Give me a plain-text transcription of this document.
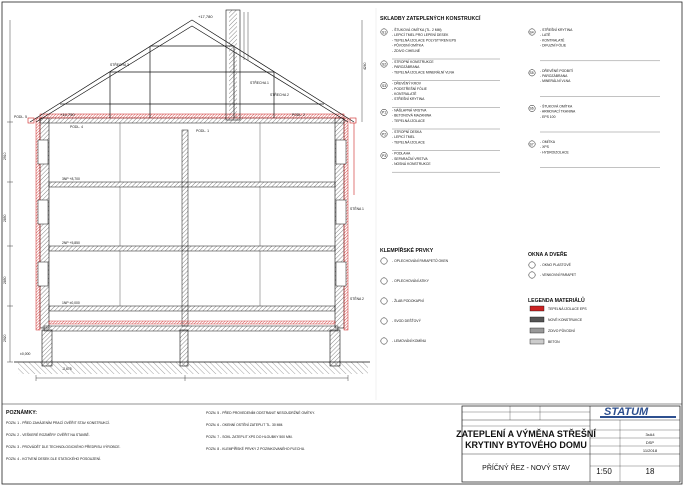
+17,780
+14,750
PODL. 5
PODL. 4
3NP +8,700
2NP +5,850
1NP ±0,000
±0,000
-2,675
STŘECHA 1
STŘECHA 2
STŘECHA 3
PODL. 1
PODL. 2
STĚNA 1
STĚNA 2
2910
2850
2850
2920
4260
SKLADBY ZATEPLENÝCH KONSTRUKCÍ
S1
- ŠTUKOVÁ OMÍTKA (TL. 2 MM)
- LEPICÍ TMEL PRO LEPENÍ DESEK
- TEPELNÁ IZOLACE POLYSTYREN EPS
- PŮVODNÍ OMÍTKA
- ZDIVO CIHELNÉ
S2
- STROPNÍ KONSTRUKCE
- PAROZÁBRANA
- TEPELNÁ IZOLACE MINERÁLNÍ VLNA
S3
- DŘEVĚNÝ KROV
- PODSTŘEŠNÍ FÓLIE
- KONTRALATĚ
- STŘEŠNÍ KRYTINA
P1
- NÁŠLAPNÁ VRSTVA
- BETONOVÁ MAZANINA
- TEPELNÁ IZOLACE
P2
- STROPNÍ DESKA
- LEPICÍ TMEL
- TEPELNÁ IZOLACE
P3
- PODLAHA
- SEPARAČNÍ VRSTVA
- NOSNÁ KONSTRUKCE
S4
- STŘEŠNÍ KRYTINA
- LATĚ
- KONTRALATĚ
- DIFUZNÍ FÓLIE
S5
- DŘEVĚNÉ PODBITÍ
- PAROZÁBRANA
- MINERÁLNÍ VLNA
S6
- ŠTUKOVÁ OMÍTKA
- ARMOVACÍ TKANINA
- EPS 100
S7
- OMÍTKA
- XPS
- HYDROIZOLACE
KLEMPÍŘSKÉ PRVKY
- OPLECHOVÁNÍ PARAPETŮ OKEN
- OPLECHOVÁNÍ ATIKY
- ŽLAB PODOKAPNÍ
- SVOD DEŠŤOVÝ
- LEMOVÁNÍ KOMÍNU
OKNA A DVEŘE
- OKNO PLASTOVÉ
- VENKOVNÍ PARAPET
LEGENDA MATERIÁLŮ
TEPELNÁ IZOLACE EPS
NOVÉ KONSTRUKCE
ZDIVO PŮVODNÍ
BETON
POZNÁMKY:
POZN. 1 - PŘED ZAHÁJENÍM PRACÍ OVĚŘIT STAV KONSTRUKCÍ.
POZN. 2 - VEŠKERÉ ROZMĚRY OVĚŘIT NA STAVBĚ.
POZN. 3 - PROVÁDĚT DLE TECHNOLOGICKÉHO PŘEDPISU VÝROBCE.
POZN. 4 - KOTVENÍ DESEK DLE STATICKÉHO POSOUZENÍ.
POZN. 5 - PŘED PROVEDENÍM ODSTRANIT NESOUDRŽNÉ OMÍTKY.
POZN. 6 - OKENNÍ OSTĚNÍ ZATEPLIT TL. 30 MM.
POZN. 7 - SOKL ZATEPLIT XPS DO HLOUBKY 500 MM.
POZN. 8 - KLEMPÍŘSKÉ PRVKY Z POZINKOVANÉHO PLECHU.
STATUM
ZATEPLENÍ A VÝMĚNA STŘEŠNÍ
KRYTINY BYTOVÉHO DOMU
PŘÍČNÝ ŘEZ - NOVÝ STAV	1:50	18
3xA4
DSP
11/2018
